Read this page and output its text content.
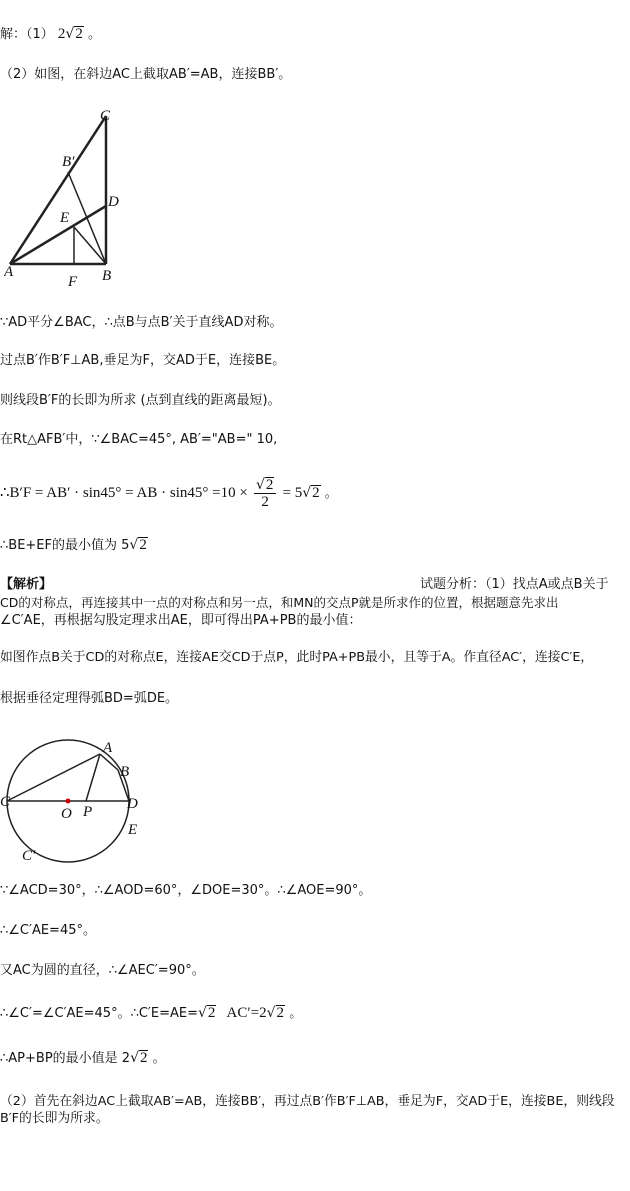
解：（1） 2√2 。
（2）如图，在斜边AC上截取AB′=AB，连接BB′。
C
B′
D
E
A
F B
∵AD平分∠BAC，∴点B与点B′关于直线AD对称。
过点B′作B′F⊥AB,垂足为F，交AD于E，连接BE。
则线段B′F的长即为所求 (点到直线的距离最短)。
在Rt△AFB′中，∵∠BAC=45°, AB′="AB=" 10,
∴B′F = AB′ · sin45° = AB · $\sin 45^\circ =10 \times \frac{√2}{2} = 5√2$ 。
∴BE+EF的最小值为 5√2
【解析】	试题分析：（1）找点A或点B关于
CD的对称点，再连接其中一点的对称点和另一点，和MN的交点P就是所求作的位置，根据题意先求出
∠C′AE，再根据勾股定理求出AE，即可得出PA+PB的最小值：
如图作点B关于CD的对称点E，连接AE交CD于点P，此时PA+PB最小，且等于A。作直径AC′，连接C′E，
根据垂径定理得弧BD=弧DE。
A
B
C
O P D
E
C′
∵∠ACD=30°，∴∠AOD=60°，∠DOE=30°。∴∠AOE=90°。
∴∠C′AE=45°。
又AC为圆的直径，∴∠AEC′=90°。
∴∠C′=∠C′AE=45°。∴C′E=AE=√2 AC′=2√2 。
∴AP+BP的最小值是 2√2 。
（2）首先在斜边AC上截取AB′=AB，连接BB′，再过点B′作B′F⊥AB，垂足为F，交AD于E，连接BE，则线段B′F的长即为所求。
